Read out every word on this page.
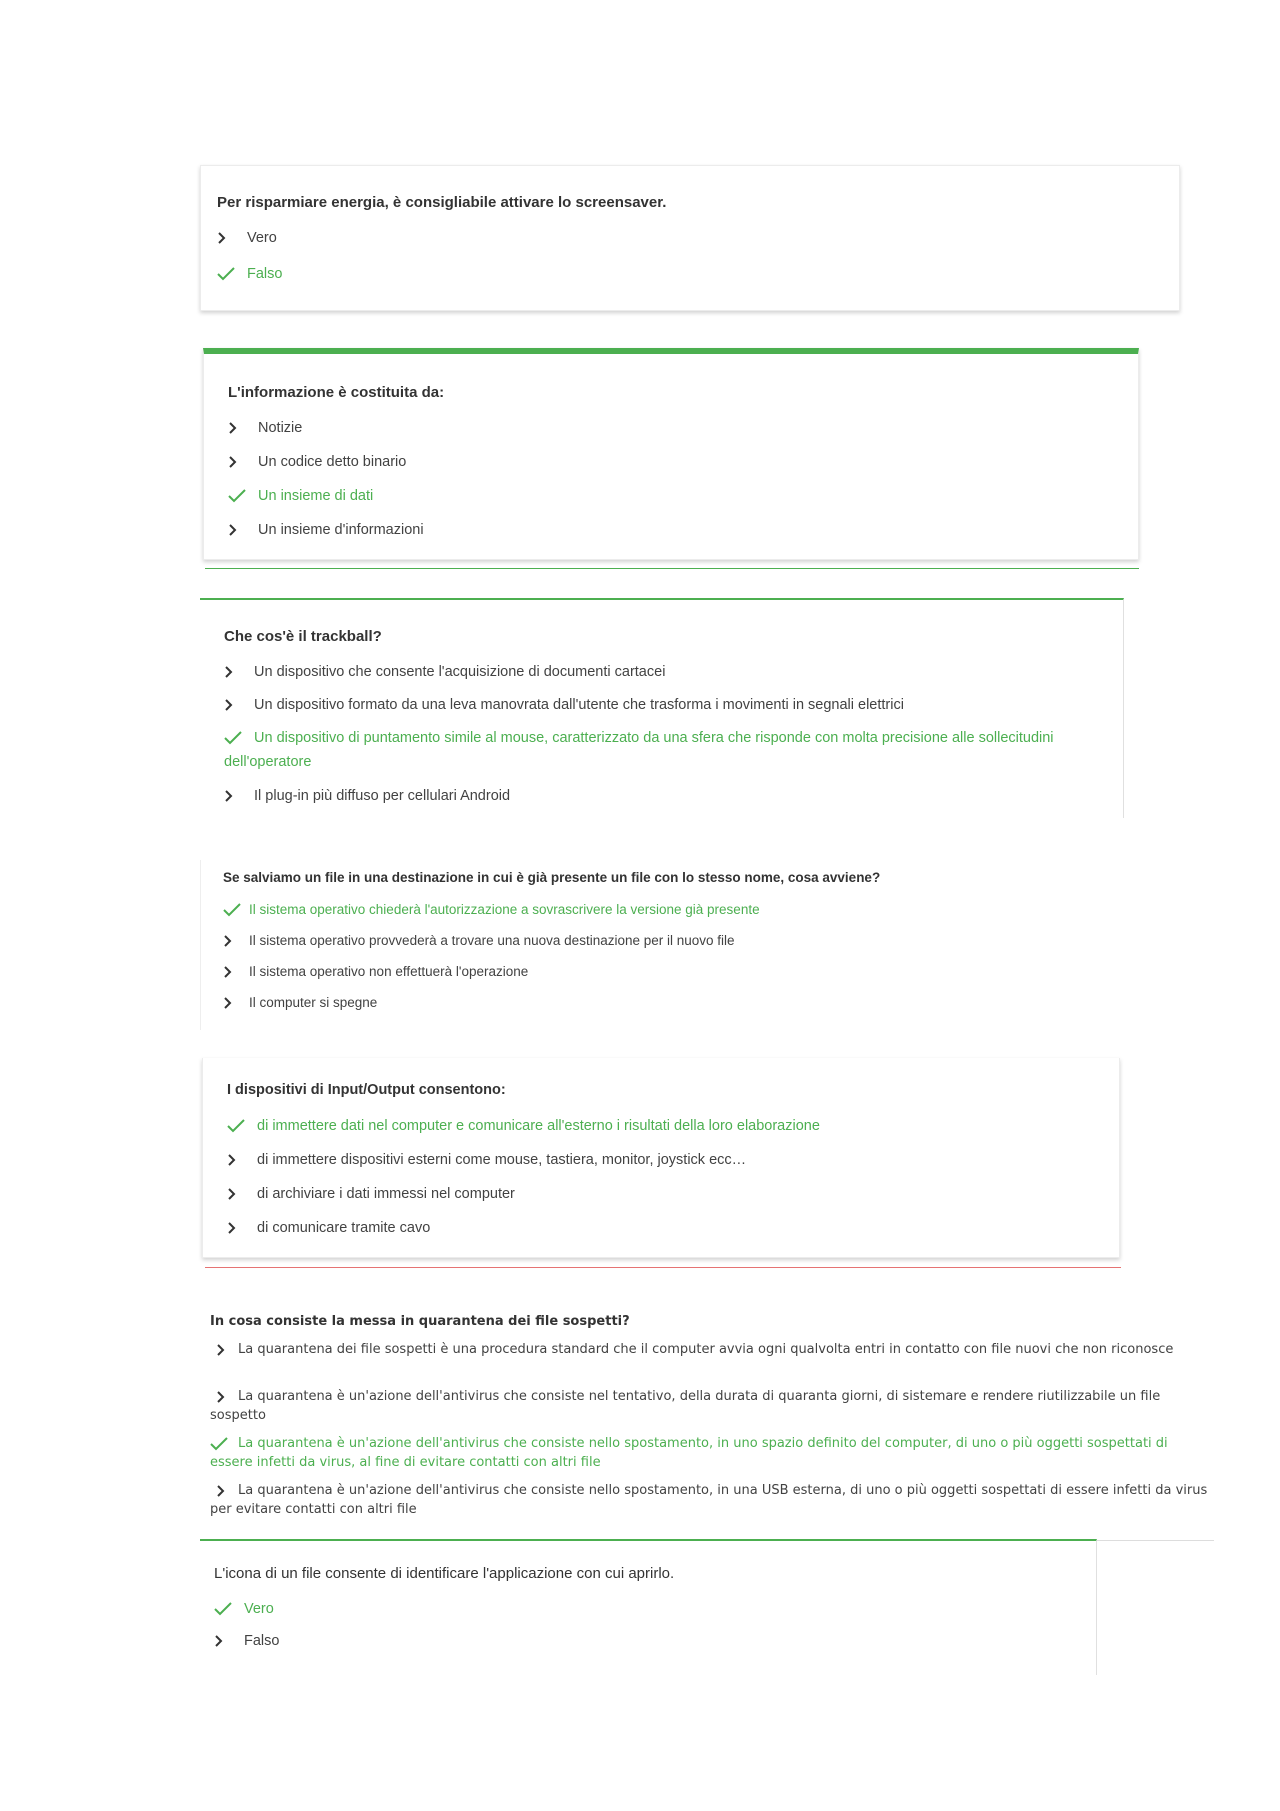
Per risparmiare energia, è consigliabile attivare lo screensaver.
Vero
Falso
L'informazione è costituita da:
Notizie
Un codice detto binario
Un insieme di dati
Un insieme d'informazioni
Che cos'è il trackball?
Un dispositivo che consente l'acquisizione di documenti cartacei
Un dispositivo formato da una leva manovrata dall'utente che trasforma i movimenti in segnali elettrici
Un dispositivo di puntamento simile al mouse, caratterizzato da una sfera che risponde con molta precisione alle sollecitudini dell'operatore
Il plug-in più diffuso per cellulari Android
Se salviamo un file in una destinazione in cui è già presente un file con lo stesso nome, cosa avviene?
Il sistema operativo chiederà l'autorizzazione a sovrascrivere la versione già presente
Il sistema operativo provvederà a trovare una nuova destinazione per il nuovo file
Il sistema operativo non effettuerà l'operazione
Il computer si spegne
I dispositivi di Input/Output consentono:
di immettere dati nel computer e comunicare all'esterno i risultati della loro elaborazione
di immettere dispositivi esterni come mouse, tastiera, monitor, joystick ecc…
di archiviare i dati immessi nel computer
di comunicare tramite cavo
In cosa consiste la messa in quarantena dei file sospetti?
La quarantena dei file sospetti è una procedura standard che il computer avvia ogni qualvolta entri in contatto con file nuovi che non riconosce
La quarantena è un'azione dell'antivirus che consiste nel tentativo, della durata di quaranta giorni, di sistemare e rendere riutilizzabile un file sospetto
La quarantena è un'azione dell'antivirus che consiste nello spostamento, in uno spazio definito del computer, di uno o più oggetti sospettati di essere infetti da virus, al fine di evitare contatti con altri file
La quarantena è un'azione dell'antivirus che consiste nello spostamento, in una USB esterna, di uno o più oggetti sospettati di essere infetti da virus per evitare contatti con altri file
L'icona di un file consente di identificare l'applicazione con cui aprirlo.
Vero
Falso
